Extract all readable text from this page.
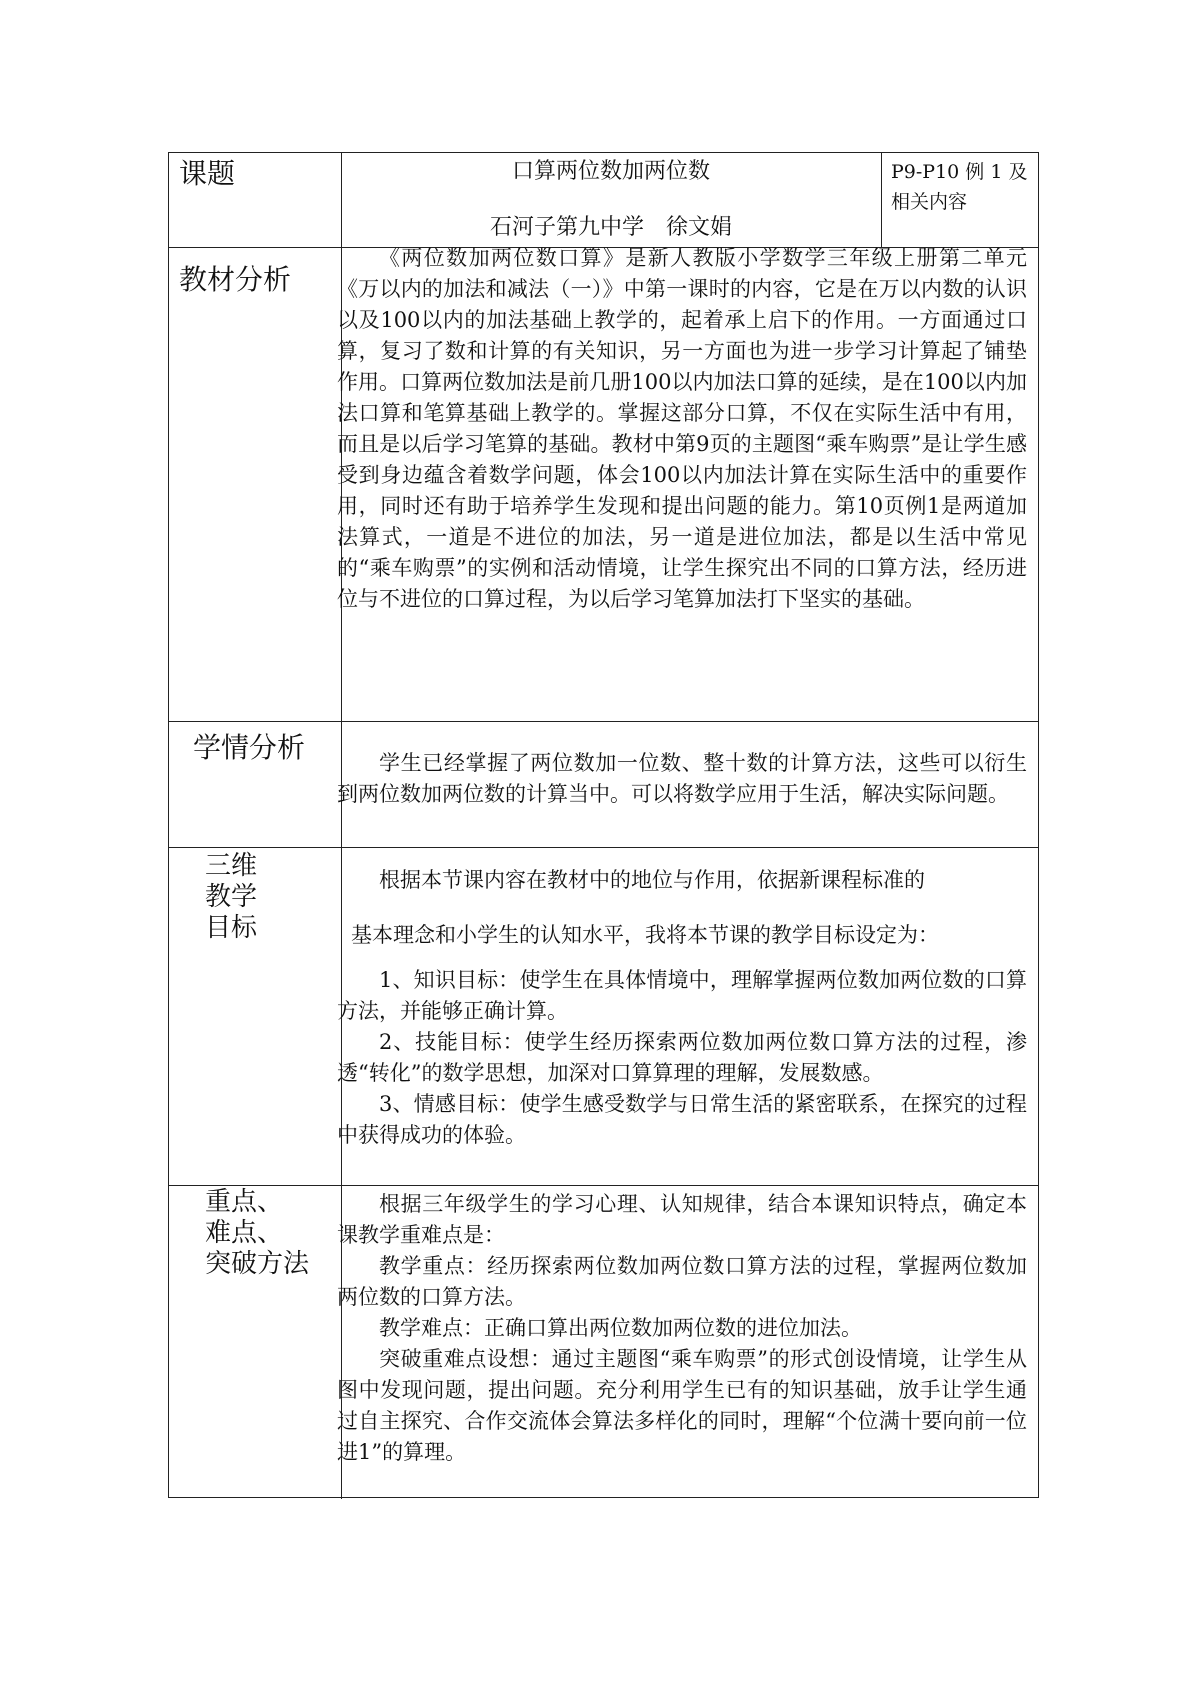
课题	口算两位数加两位数
石河子第九中学　徐文娟
P9-P10 例 1 及相关内容
教材分析

《两位数加两位数口算》是新人教版小学数学三年级上册第二单元《万以内的加法和减法（一）》中第一课时的内容，它是在万以内数的认识以及100以内的加法基础上教学的，起着承上启下的作用。一方面通过口算，复习了数和计算的有关知识，另一方面也为进一步学习计算起了铺垫作用。口算两位数加法是前几册100以内加法口算的延续，是在100以内加法口算和笔算基础上教学的。掌握这部分口算，不仅在实际生活中有用，而且是以后学习笔算的基础。教材中第9页的主题图“乘车购票”是让学生感受到身边蕴含着数学问题，体会100以内加法计算在实际生活中的重要作用，同时还有助于培养学生发现和提出问题的能力。第10页例1是两道加法算式，一道是不进位的加法，另一道是进位加法，都是以生活中常见的“乘车购票”的实例和活动情境，让学生探究出不同的口算方法，经历进位与不进位的口算过程，为以后学习笔算加法打下坚实的基础。

学情分析	学生已经掌握了两位数加一位数、整十数的计算方法，这些可以衍生到两位数加两位数的计算当中。可以将数学应用于生活，解决实际问题。

三维
教学
目标
根据本节课内容在教材中的地位与作用，依据新课程标准的
基本理念和小学生的认知水平，我将本节课的教学目标设定为：

1、知识目标：使学生在具体情境中，理解掌握两位数加两位数的口算方法，并能够正确计算。

2、技能目标：使学生经历探索两位数加两位数口算方法的过程，渗透“转化”的数学思想，加深对口算算理的理解，发展数感。

3、情感目标：使学生感受数学与日常生活的紧密联系，在探究的过程中获得成功的体验。

重点、
难点、
突破方法

根据三年级学生的学习心理、认知规律，结合本课知识特点，确定本课教学重难点是：

教学重点：经历探索两位数加两位数口算方法的过程，掌握两位数加两位数的口算方法。

教学难点：正确口算出两位数加两位数的进位加法。

突破重难点设想：通过主题图“乘车购票”的形式创设情境，让学生从图中发现问题，提出问题。充分利用学生已有的知识基础，放手让学生通过自主探究、合作交流体会算法多样化的同时，理解“个位满十要向前一位进1”的算理。
